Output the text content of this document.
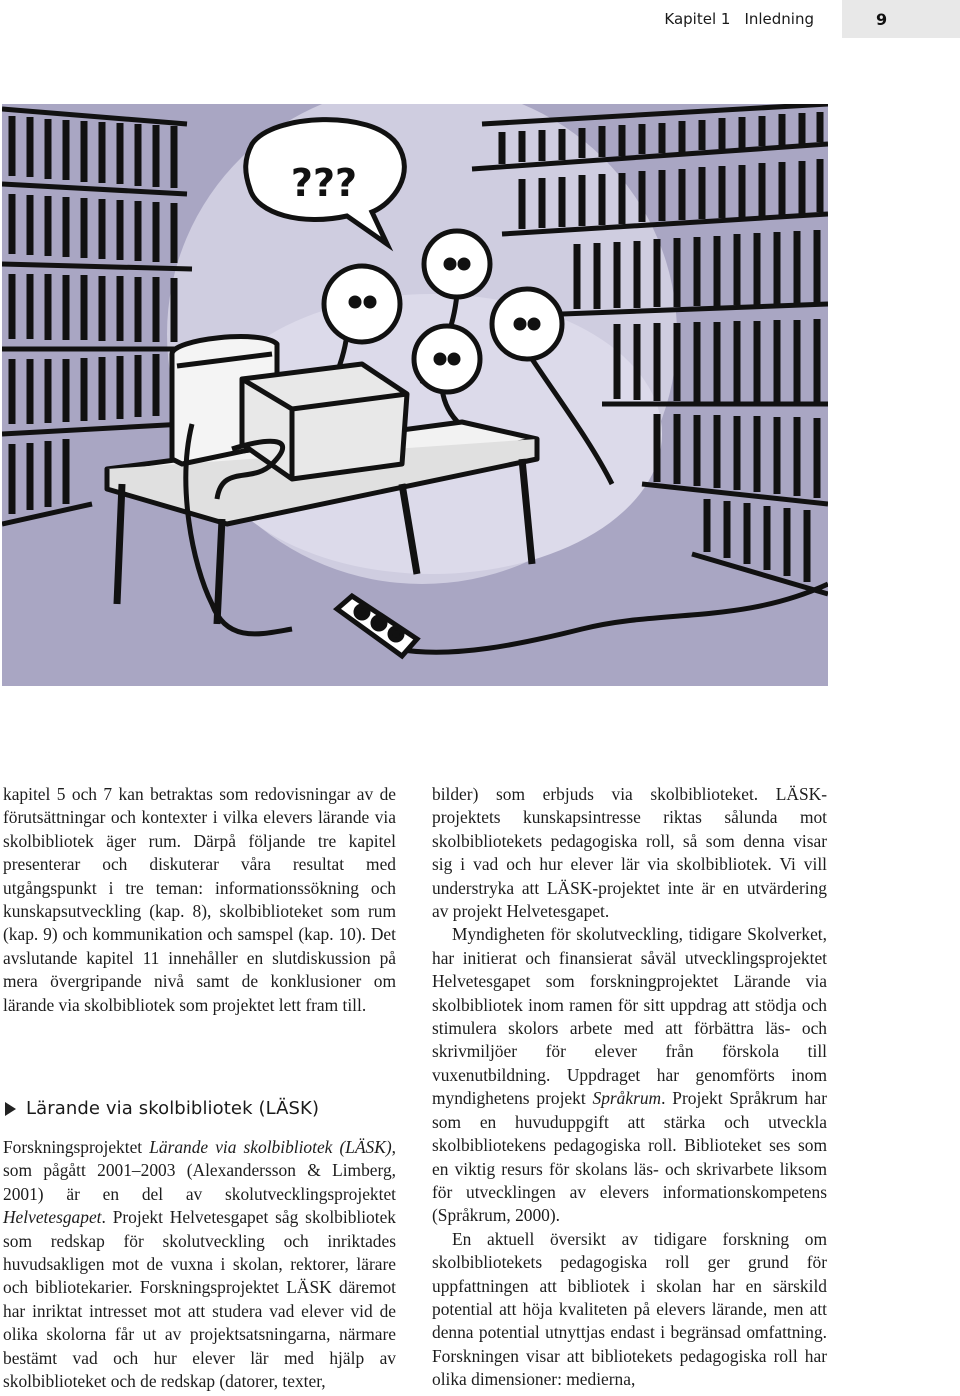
Kapitel 1 Inledning	9
???

kapitel 5 och 7 kan betraktas som redovisningar av de förutsättningar och kontexter i vilka elevers lärande via skolbibliotek äger rum. Därpå följande tre kapitel presenterar och diskuterar våra resultat med utgångspunkt i tre teman: informationssökning och kunskapsutveckling (kap. 8), skolbiblioteket som rum (kap. 9) och kommunikation och samspel (kap. 10). Det avslutande kapitel 11 innehåller en slutdiskussion på mera övergripande nivå samt de konklusioner om lärande via skolbibliotek som projektet lett fram till.

Lärande via skolbibliotek (LÄSK)

Forskningsprojektet Lärande via skolbibliotek (LÄSK), som pågått 2001–2003 (Alexandersson & Limberg, 2001) är en del av skolutvecklingsprojektet Helvetesgapet. Projekt Helvetesgapet såg skolbibliotek som redskap för skolutveckling och inriktades huvudsakligen mot de vuxna i skolan, rektorer, lärare och bibliotekarier. Forskningsprojektet LÄSK däremot har inriktat intresset mot att studera vad elever vid de olika skolorna får ut av projektsatsningarna, närmare bestämt vad och hur elever lär med hjälp av skolbiblioteket och de redskap (datorer, texter,

bilder) som erbjuds via skolbiblioteket. LÄSK-projektets kunskapsintresse riktas sålunda mot skolbibliotekets pedagogiska roll, så som denna visar sig i vad och hur elever lär via skolbibliotek. Vi vill understryka att LÄSK-projektet inte är en utvärdering av projekt Helvetesgapet.

Myndigheten för skolutveckling, tidigare Skolverket, har initierat och finansierat såväl utvecklingsprojektet Helvetesgapet som forskningprojektet Lärande via skolbibliotek inom ramen för sitt uppdrag att stödja och stimulera skolors arbete med att förbättra läs- och skrivmiljöer för elever från förskola till vuxenutbildning. Uppdraget har genomförts inom myndighetens projekt Språkrum. Projekt Språkrum har som en huvuduppgift att stärka och utveckla skolbibliotekens pedagogiska roll. Biblioteket ses som en viktig resurs för skolans läs- och skrivarbete liksom för utvecklingen av elevers informationskompetens (Språkrum, 2000).

En aktuell översikt av tidigare forskning om skolbibliotekets pedagogiska roll ger grund för uppfattningen att bibliotek i skolan har en särskild potential att höja kvaliteten på elevers lärande, men att denna potential utnyttjas endast i begränsad omfattning. Forskningen visar att bibliotekets pedagogiska roll har olika dimensioner: medierna,
